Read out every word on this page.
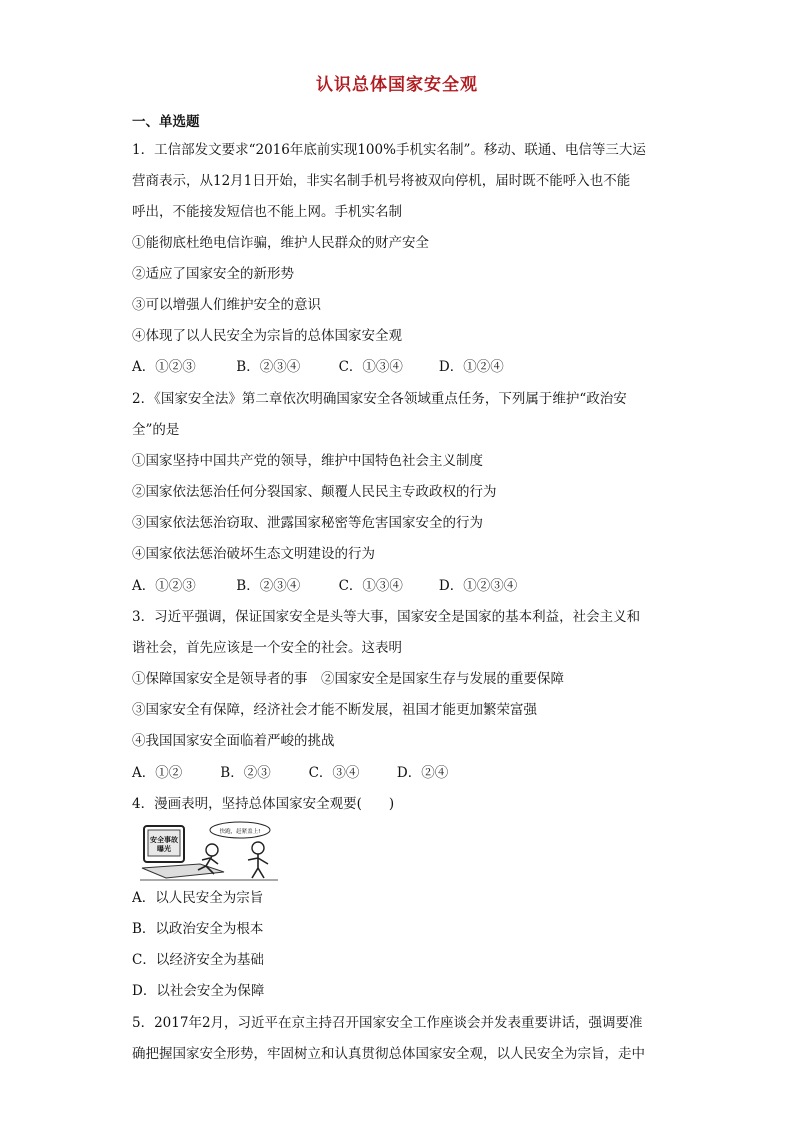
认识总体国家安全观
一、单选题
1．工信部发文要求“2016年底前实现100%手机实名制”。移动、联通、电信等三大运
营商表示，从12月1日开始，非实名制手机号将被双向停机，届时既不能呼入也不能
呼出，不能接发短信也不能上网。手机实名制
①能彻底杜绝电信诈骗，维护人民群众的财产安全
②适应了国家安全的新形势
③可以增强人们维护安全的意识
④体现了以人民安全为宗旨的总体国家安全观
A．①②③	B．②③④	C．①③④	D．①②④
2．《国家安全法》第二章依次明确国家安全各领域重点任务，下列属于维护“政治安
全”的是
①国家坚持中国共产党的领导，维护中国特色社会主义制度
②国家依法惩治任何分裂国家、颠覆人民民主专政政权的行为
③国家依法惩治窃取、泄露国家秘密等危害国家安全的行为
④国家依法惩治破坏生态文明建设的行为
A．①②③	B．②③④	C．①③④	D．①②③④
3．习近平强调，保证国家安全是头等大事，国家安全是国家的基本利益，社会主义和
谐社会，首先应该是一个安全的社会。这表明
①保障国家安全是领导者的事　②国家安全是国家生存与发展的重要保障
③国家安全有保障，经济社会才能不断发展，祖国才能更加繁荣富强
④我国国家安全面临着严峻的挑战
A．①②	B．②③	C．③④	D．②④
4．漫画表明，坚持总体国家安全观要(　　)
安全事故
曝光
快跑，赶紧盖上!
A．以人民安全为宗旨
B．以政治安全为根本
C．以经济安全为基础
D．以社会安全为保障
5．2017年2月，习近平在京主持召开国家安全工作座谈会并发表重要讲话，强调要准
确把握国家安全形势，牢固树立和认真贯彻总体国家安全观，以人民安全为宗旨，走中
